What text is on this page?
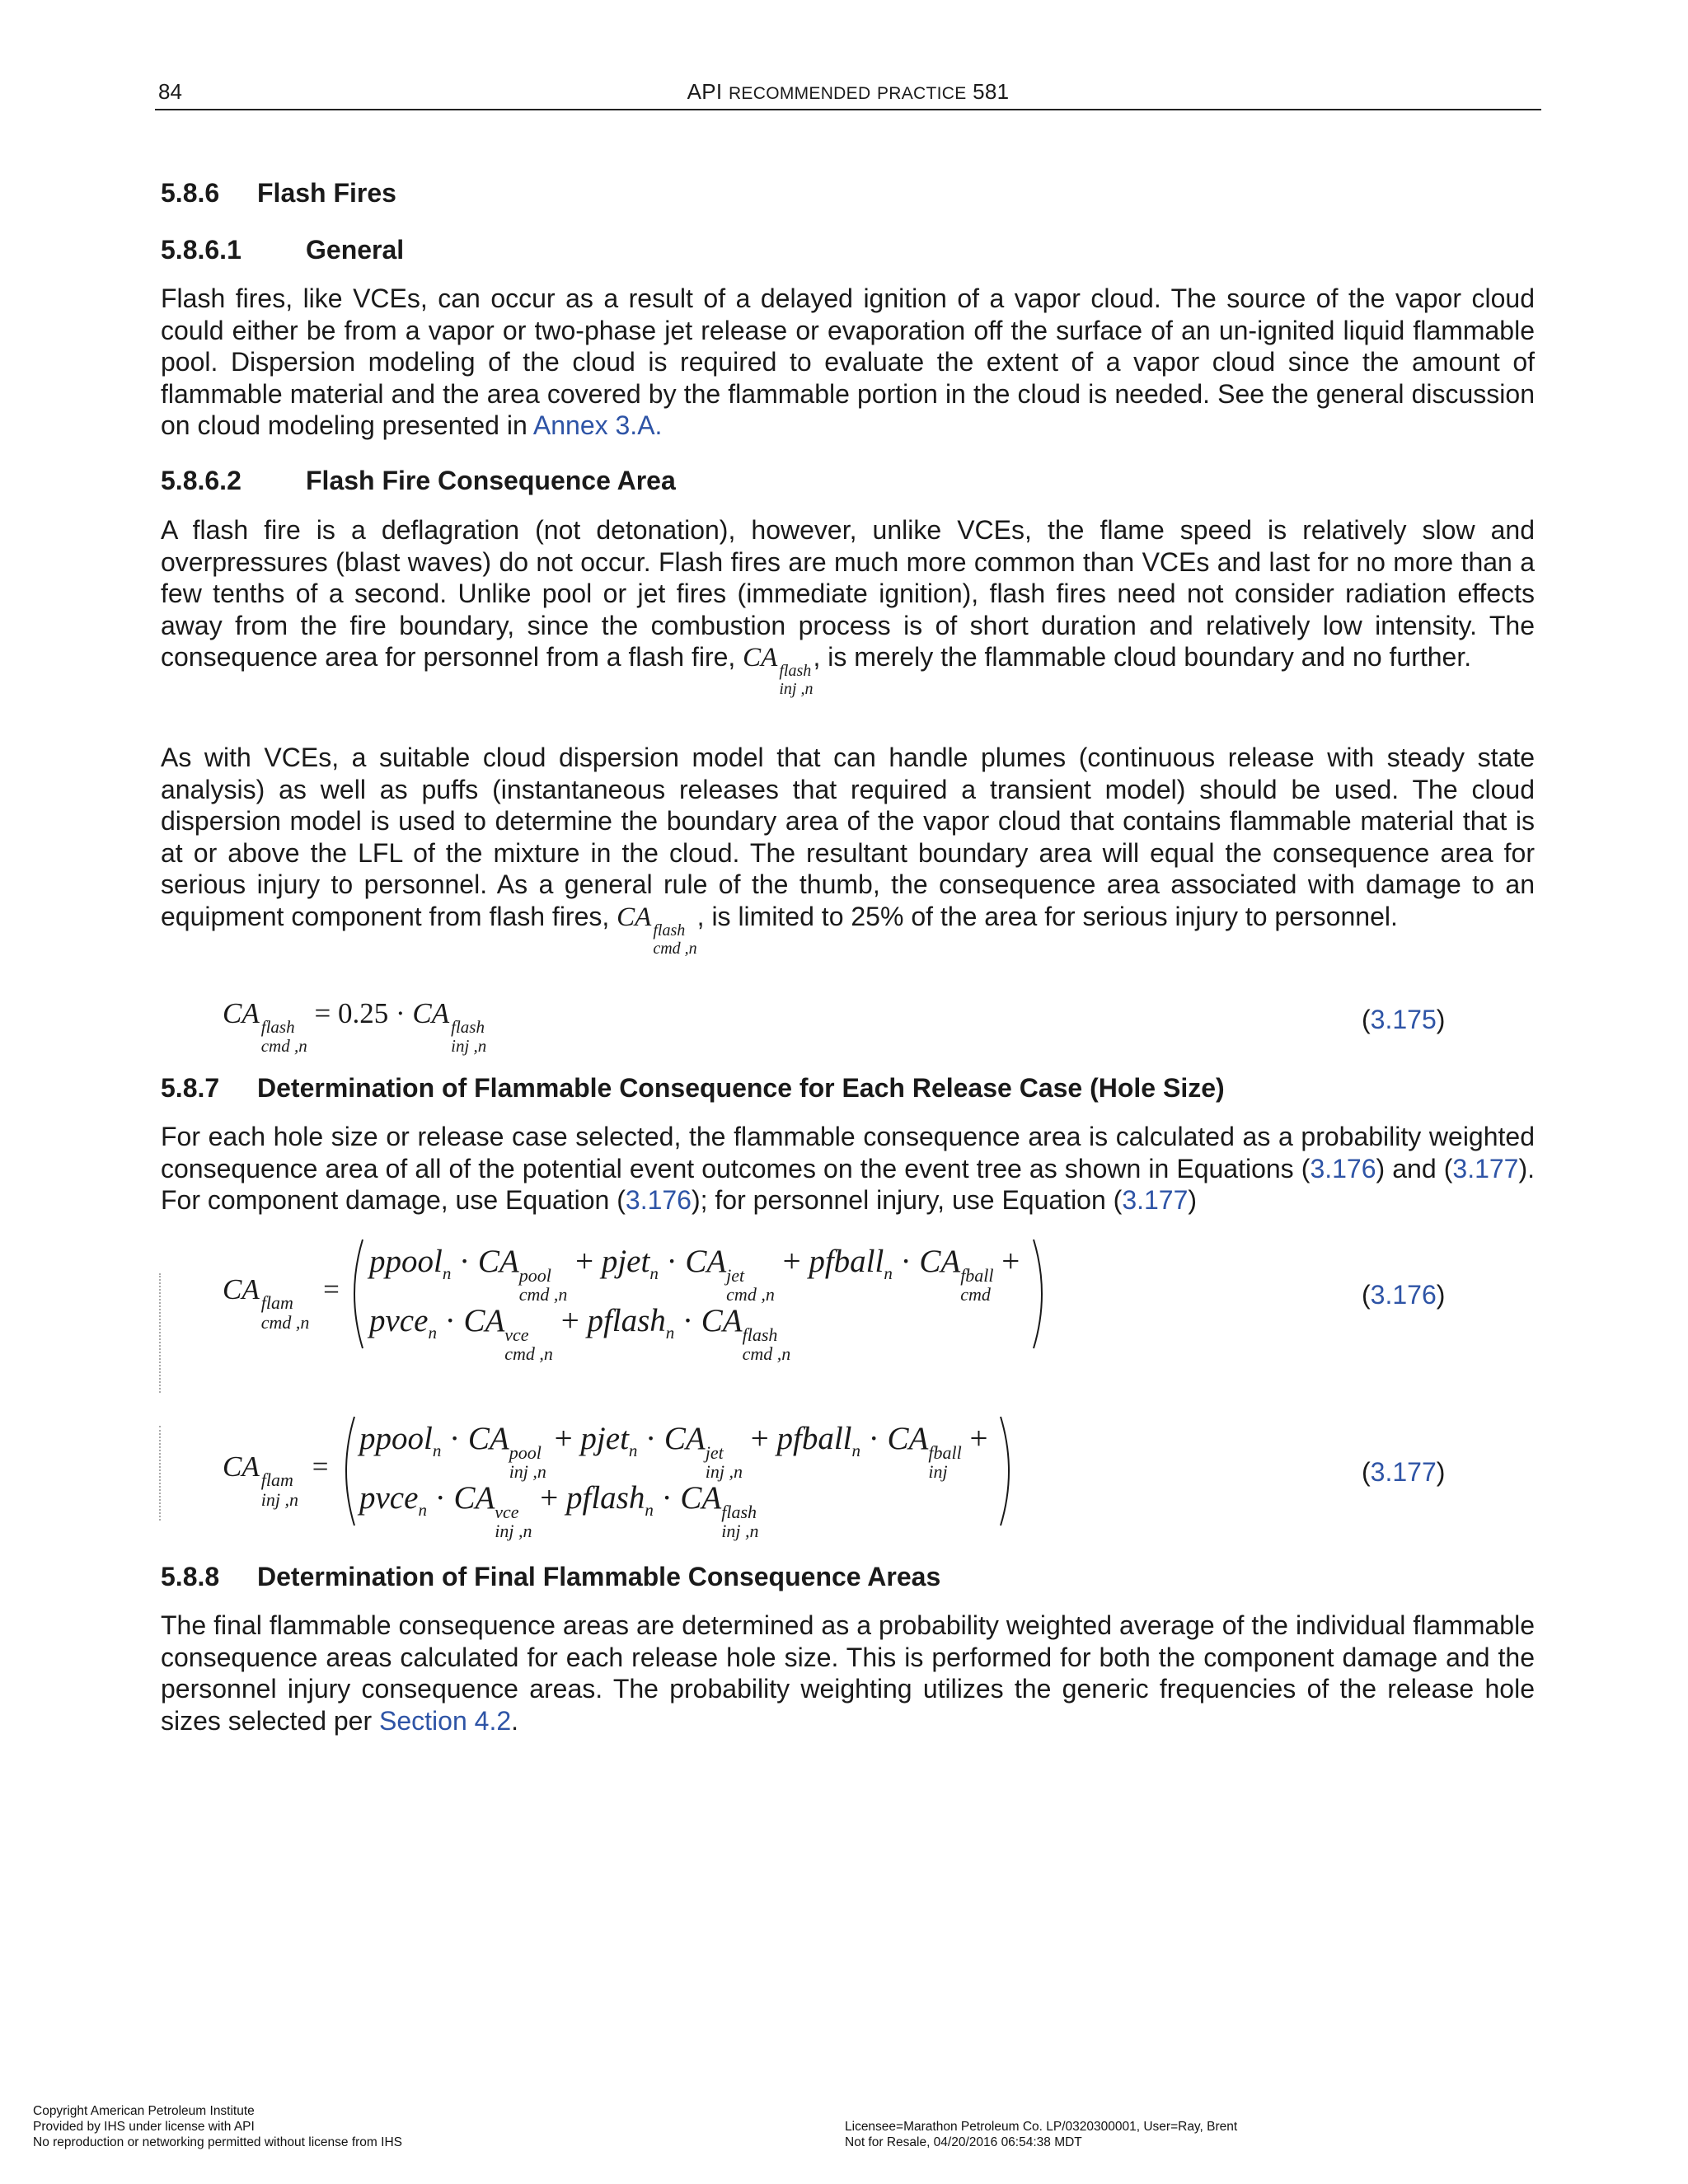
84	API RECOMMENDED PRACTICE 581
5.8.6 Flash Fires
5.8.6.1 General
Flash fires, like VCEs, can occur as a result of a delayed ignition of a vapor cloud. The source of the vapor cloud could either be from a vapor or two-phase jet release or evaporation off the surface of an un-ignited liquid flammable pool. Dispersion modeling of the cloud is required to evaluate the extent of a vapor cloud since the amount of flammable material and the area covered by the flammable portion in the cloud is needed. See the general discussion on cloud modeling presented in Annex 3.A.
5.8.6.2 Flash Fire Consequence Area
A flash fire is a deflagration (not detonation), however, unlike VCEs, the flame speed is relatively slow and overpressures (blast waves) do not occur. Flash fires are much more common than VCEs and last for no more than a few tenths of a second. Unlike pool or jet fires (immediate ignition), flash fires need not consider radiation effects away from the fire boundary, since the combustion process is of short duration and relatively low intensity. The consequence area for personnel from a flash fire, CA flash
inj ,n
, is merely the flammable cloud boundary and no further.
As with VCEs, a suitable cloud dispersion model that can handle plumes (continuous release with steady state analysis) as well as puffs (instantaneous releases that required a transient model) should be used. The cloud dispersion model is used to determine the boundary area of the vapor cloud that contains flammable material that is at or above the LFL of the mixture in the cloud. The resultant boundary area will equal the consequence area for serious injury to personnel. As a general rule of the thumb, the consequence area associated with damage to an equipment component from flash fires, CA flash
cmd ,n
, is limited to 25% of the area for serious injury to personnel.
CA flash
cmd ,n
= 0.25 · CA flash
inj ,n
(3.175)
5.8.7 Determination of Flammable Consequence for Each Release Case (Hole Size)
For each hole size or release case selected, the flammable consequence area is calculated as a probability weighted consequence area of all of the potential event outcomes on the event tree as shown in Equations (3.176) and (3.177). For component damage, use Equation (3.176); for personnel injury, use Equation (3.177)
CA flam
cmd ,n
=
ppool$_n$ · CA pool
cmd ,n
+ pjet$_n$ · CA jet
cmd ,n
+ pfball$_n$ · CA fball
cmd
+
pvce$_n$ · CA vce
cmd ,n
+ pflash$_n$ · CA flash
cmd ,n
(3.176)
CA flam
inj ,n
=
ppool$_n$ · CA pool
inj ,n
+ pjet$_n$ · CA jet
inj ,n
+ pfball$_n$ · CA fball
inj
+
pvce$_n$ · CA vce
inj ,n
+ pflash$_n$ · CA flash
inj ,n
(3.177)
5.8.8 Determination of Final Flammable Consequence Areas
The final flammable consequence areas are determined as a probability weighted average of the individual flammable consequence areas calculated for each release hole size. This is performed for both the component damage and the personnel injury consequence areas. The probability weighting utilizes the generic frequencies of the release hole sizes selected per Section 4.2.
Copyright American Petroleum Institute
Provided by IHS under license with API
No reproduction or networking permitted without license from IHS
Licensee=Marathon Petroleum Co. LP/0320300001, User=Ray, Brent
Not for Resale, 04/20/2016 06:54:38 MDT
